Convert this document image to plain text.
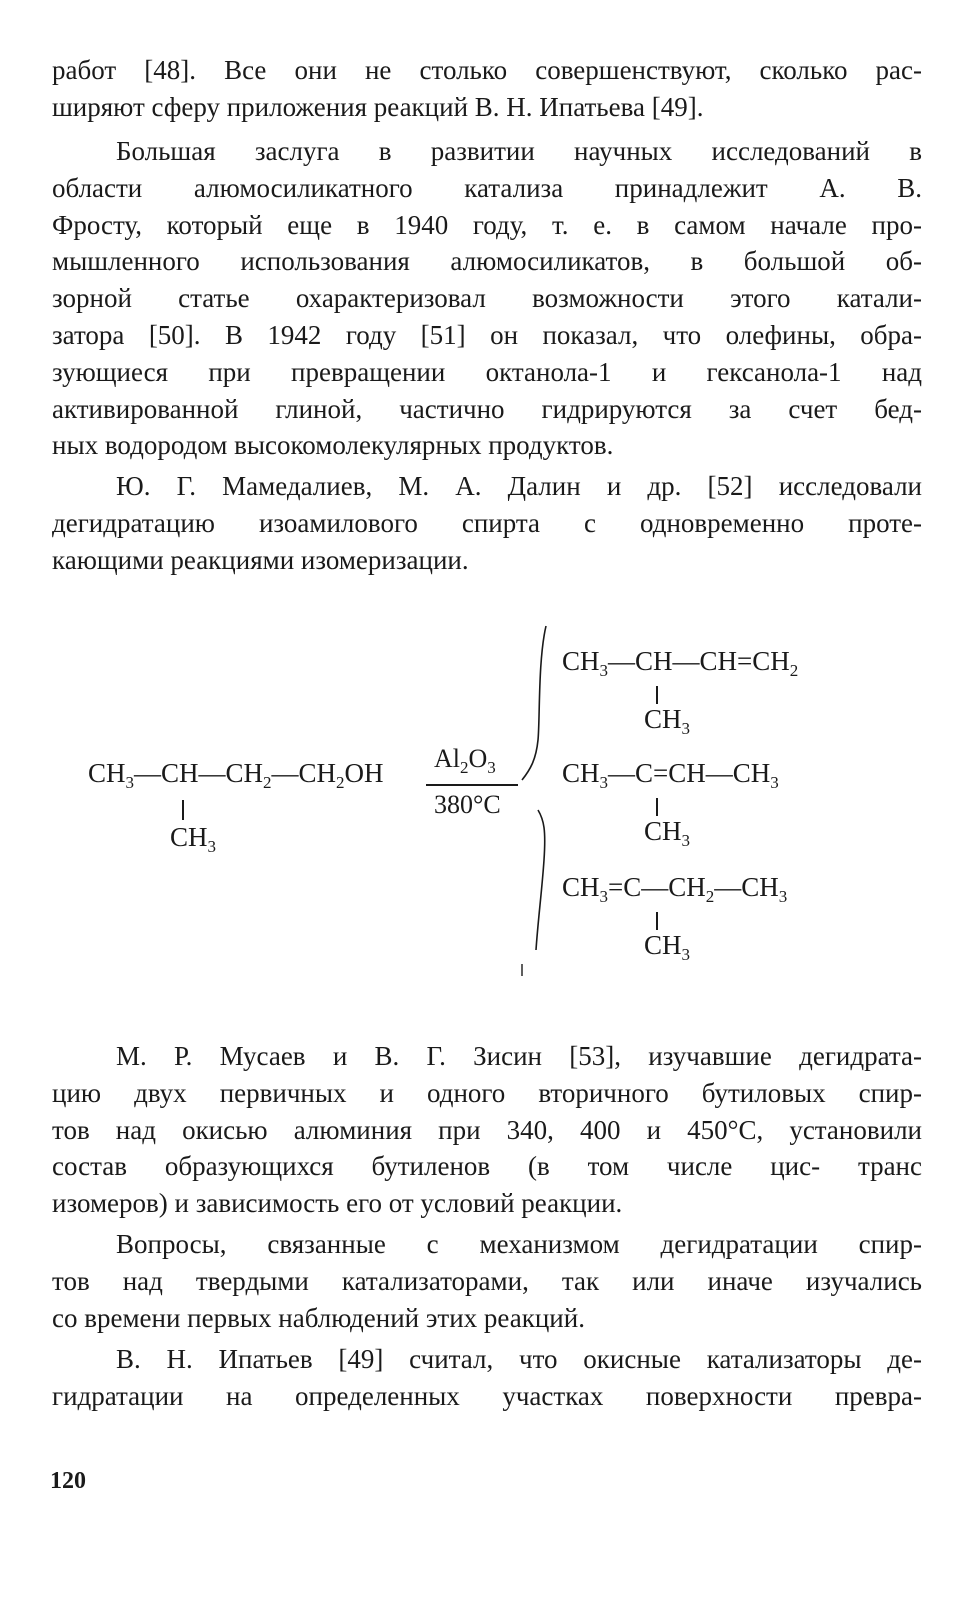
работ [48]. Все они не столько совершенствуют, сколько рас-
ширяют сферу приложения реакций В. Н. Ипатьева [49].

Большая заслуга в развитии научных исследований в
области алюмосиликатного катализа принадлежит А. В.
Фросту, который еще в 1940 году, т. е. в самом начале про-
мышленного использования алюмосиликатов, в большой об-
зорной статье охарактеризовал возможности этого катали-
затора [50]. В 1942 году [51] он показал, что олефины, обра-
зующиеся при превращении октанола-1 и гексанола-1 над
активированной глиной, частично гидрируются за счет бед-
ных водородом высокомолекулярных продуктов.

Ю. Г. Мамедалиев, М. А. Далин и др. [52] исследовали
дегидратацию изоамилового спирта с одновременно проте-
кающими реакциями изомеризации.

$CH_3—CH—CH_2—CH_2OH$
$CH_3$
$Al_2O_3$
380°C
$CH_3—CH—CH=CH_2$
$CH_3$
$CH_3—C=CH—CH_3$
$CH_3$
$CH_3=C—CH_2—CH_3$
$CH_3$

М. Р. Мусаев и В. Г. Зисин [53], изучавшие дегидрата-
цию двух первичных и одного вторичного бутиловых спир-
тов над окисью алюминия при 340, 400 и 450°С, установили
состав образующихся бутиленов (в том числе цис- транс
изомеров) и зависимость его от условий реакции.

Вопросы, связанные с механизмом дегидратации спир-
тов над твердыми катализаторами, так или иначе изучались
со времени первых наблюдений этих реакций.

В. Н. Ипатьев [49] считал, что окисные катализаторы де-
гидратации на определенных участках поверхности превра-

120
